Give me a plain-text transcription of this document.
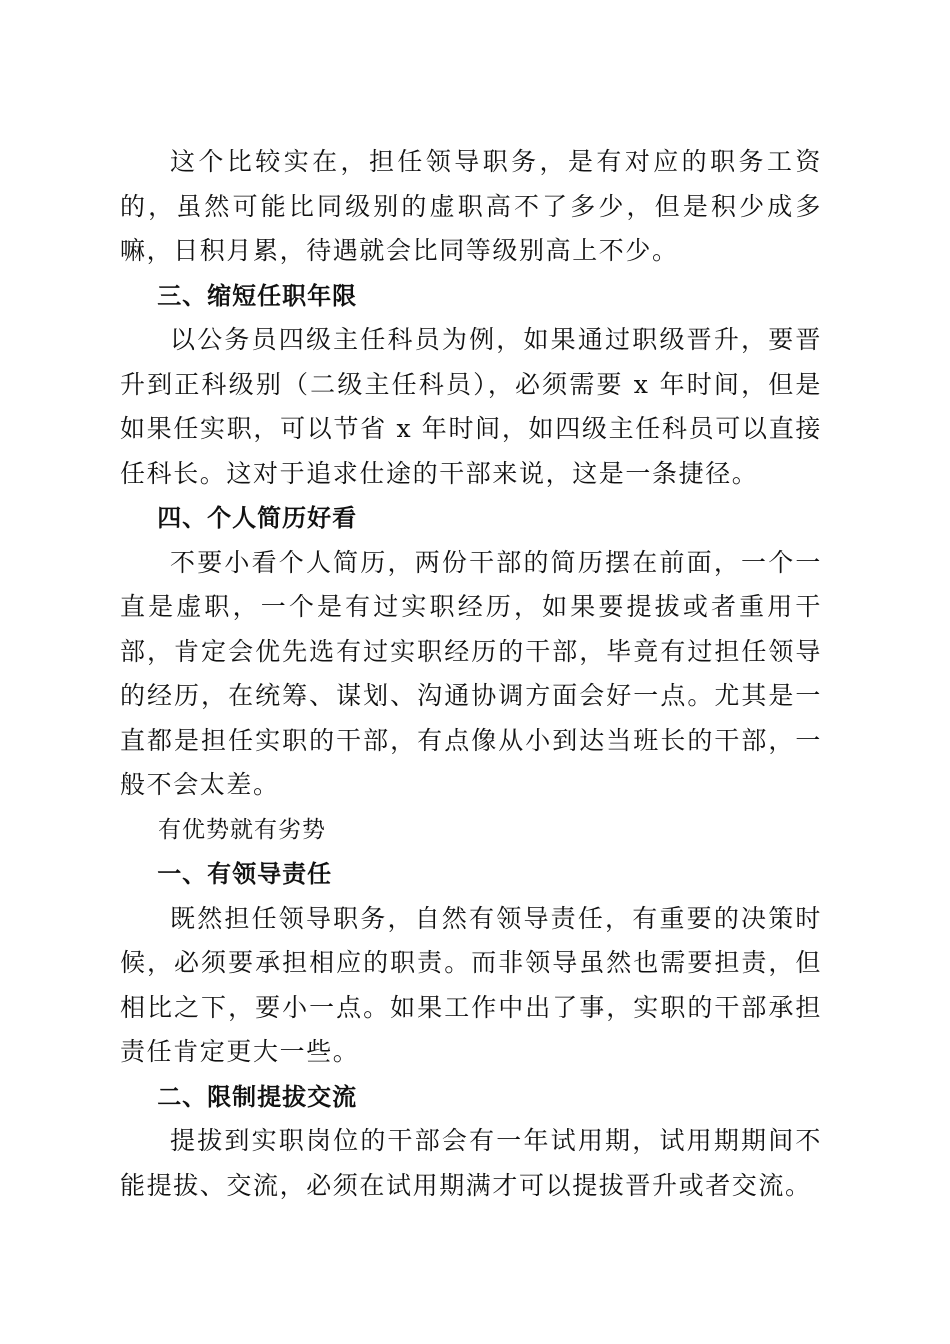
这个比较实在，担任领导职务，是有对应的职务工资的，虽然可能比同级别的虚职高不了多少，但是积少成多嘛，日积月累，待遇就会比同等级别高上不少。

三、缩短任职年限

以公务员四级主任科员为例，如果通过职级晋升，要晋升到正科级别（二级主任科员），必须需要 x 年时间，但是如果任实职，可以节省 x 年时间，如四级主任科员可以直接任科长。这对于追求仕途的干部来说，这是一条捷径。

四、个人简历好看

不要小看个人简历，两份干部的简历摆在前面，一个一直是虚职，一个是有过实职经历，如果要提拔或者重用干部，肯定会优先选有过实职经历的干部，毕竟有过担任领导的经历，在统筹、谋划、沟通协调方面会好一点。尤其是一直都是担任实职的干部，有点像从小到达当班长的干部，一般不会太差。

有优势就有劣势

一、有领导责任

既然担任领导职务，自然有领导责任，有重要的决策时候，必须要承担相应的职责。而非领导虽然也需要担责，但相比之下，要小一点。如果工作中出了事，实职的干部承担责任肯定更大一些。

二、限制提拔交流

提拔到实职岗位的干部会有一年试用期，试用期期间不能提拔、交流，必须在试用期满才可以提拔晋升或者交流。
